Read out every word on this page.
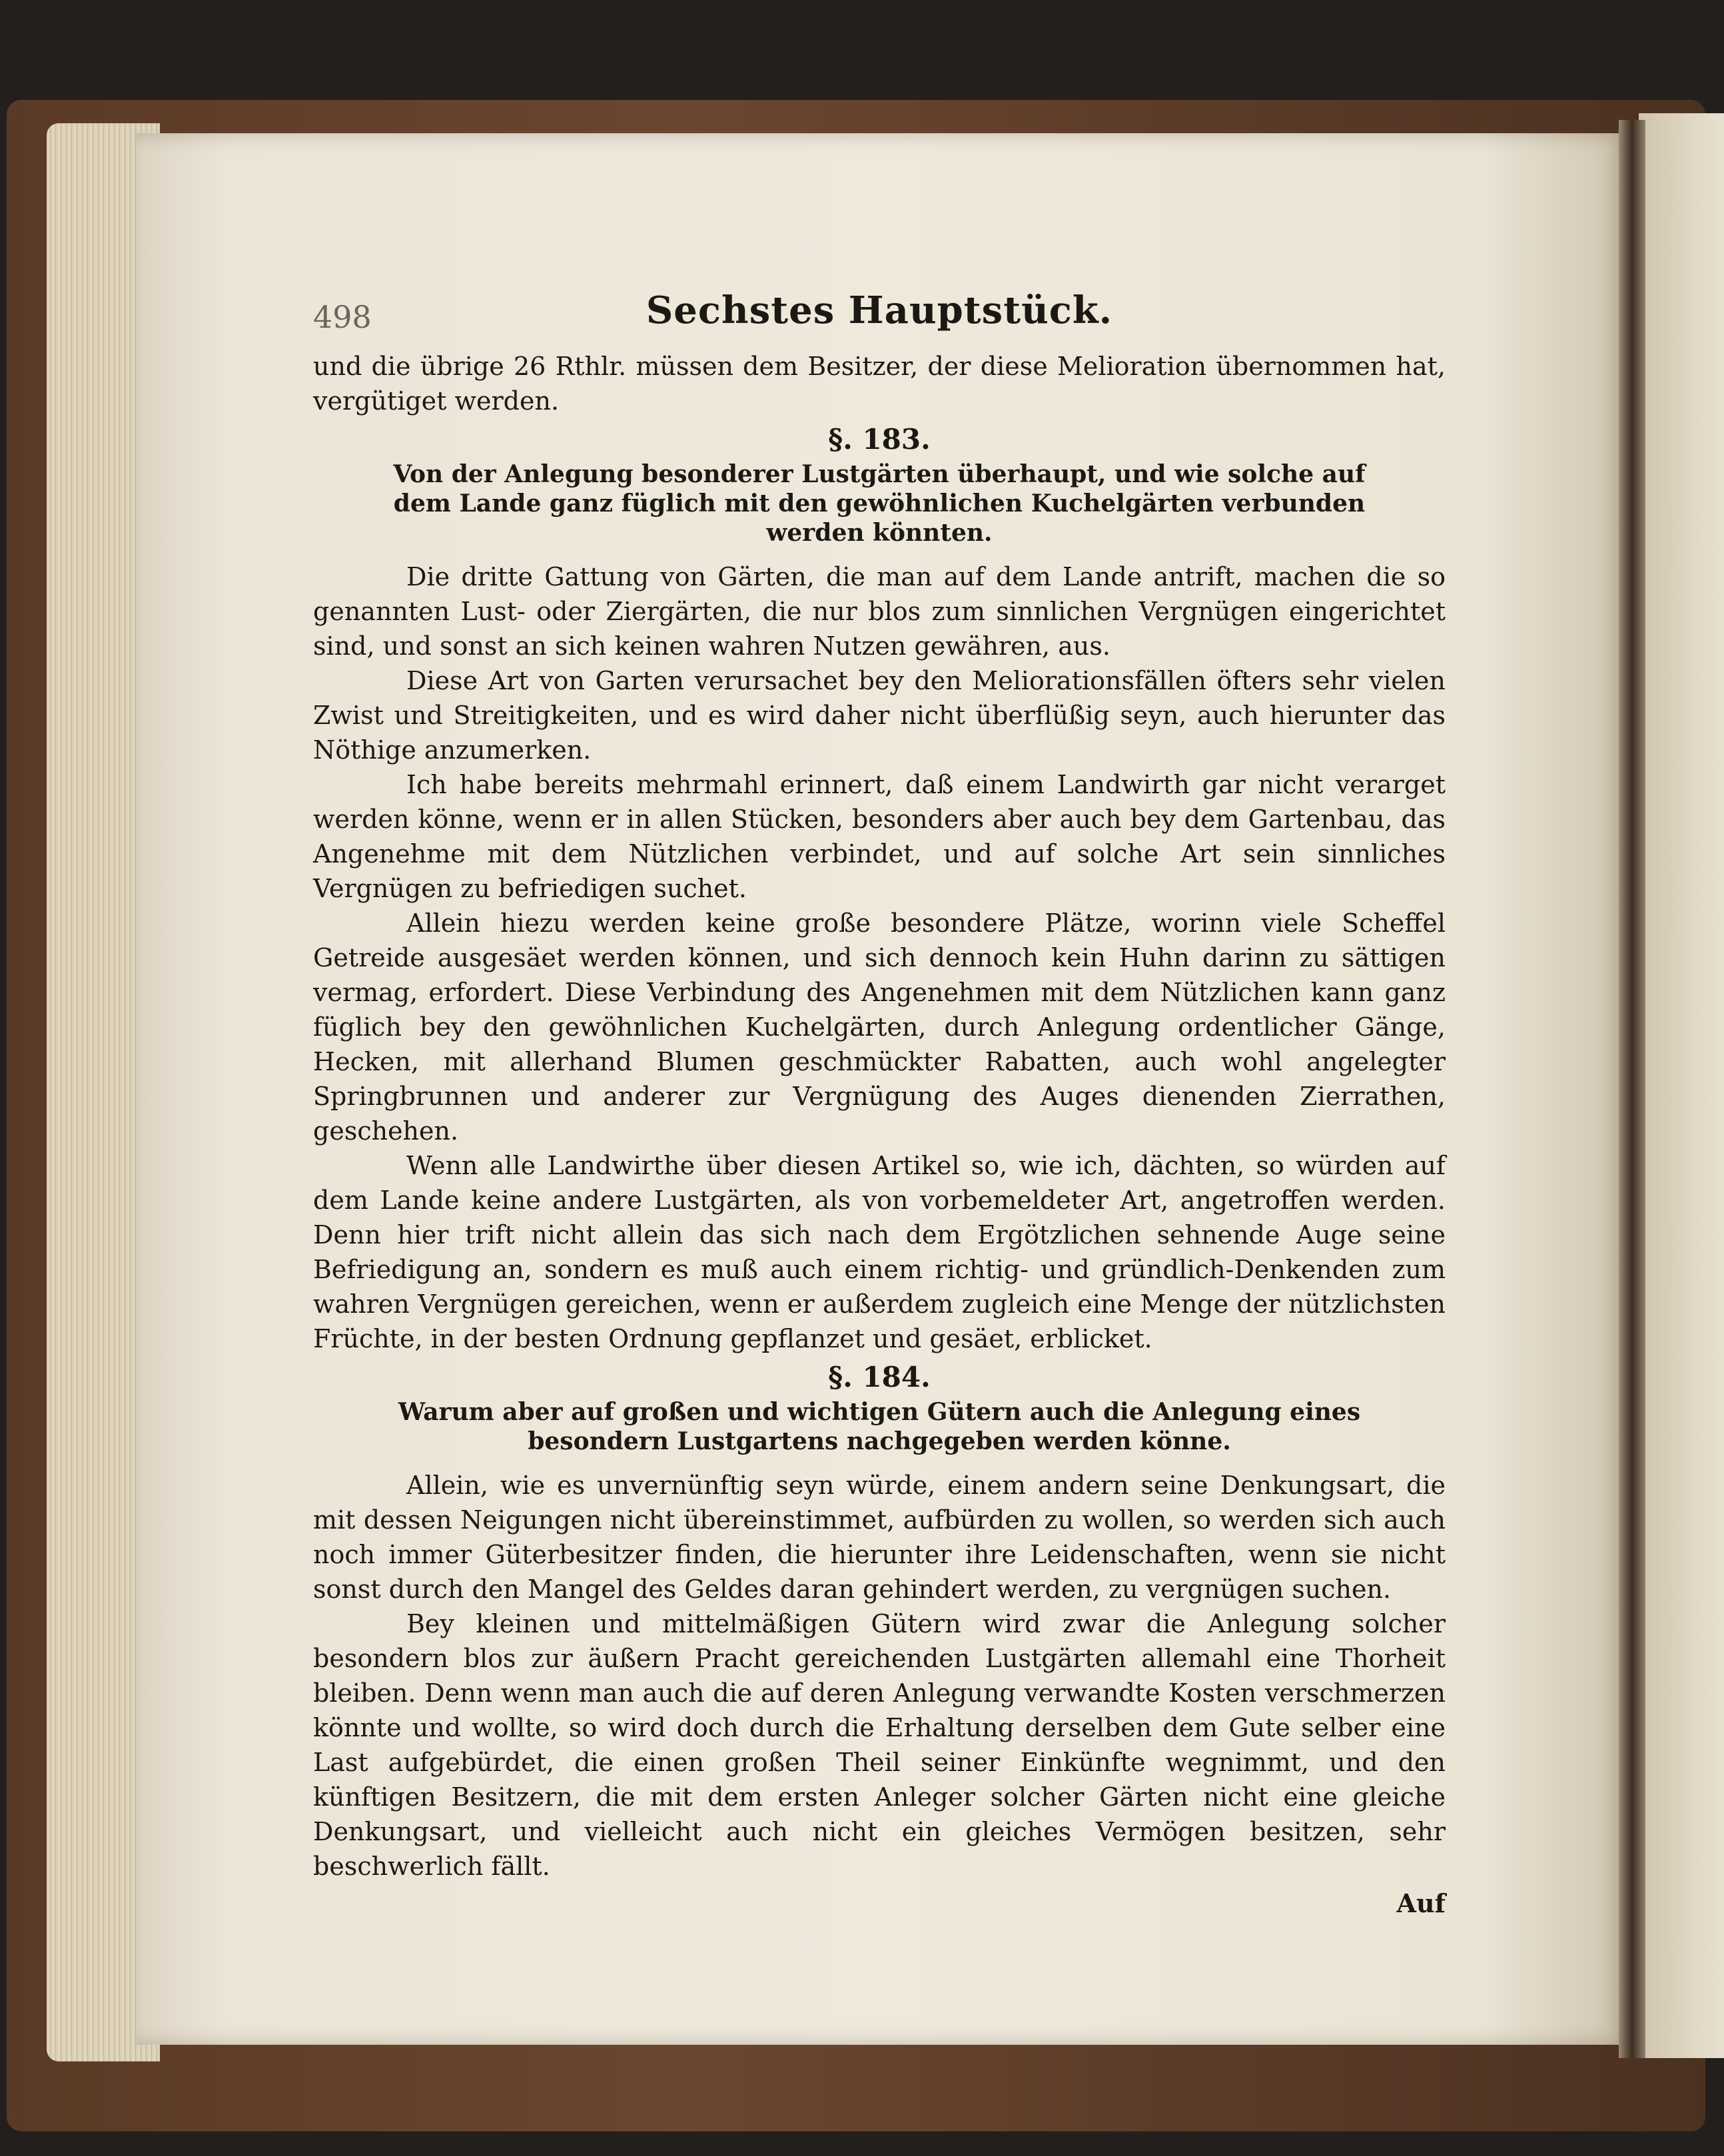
498	Sechstes Hauptstück.

und die übrige 26 Rthlr. müssen dem Besitzer, der diese Melioration übernommen hat, vergütiget werden.

§. 183.
Von der Anlegung besonderer Lustgärten überhaupt, und wie solche auf dem Lande ganz füglich mit den gewöhnlichen Kuchelgärten verbunden werden könnten.

Die dritte Gattung von Gärten, die man auf dem Lande antrift, machen die so genannten Lust- oder Ziergärten, die nur blos zum sinnlichen Vergnügen eingerichtet sind, und sonst an sich keinen wahren Nutzen gewähren, aus.

Diese Art von Garten verursachet bey den Meliorationsfällen öfters sehr vielen Zwist und Streitigkeiten, und es wird daher nicht überflüßig seyn, auch hierunter das Nöthige anzumerken.

Ich habe bereits mehrmahl erinnert, daß einem Landwirth gar nicht verarget werden könne, wenn er in allen Stücken, besonders aber auch bey dem Gartenbau, das Angenehme mit dem Nützlichen verbindet, und auf solche Art sein sinnliches Vergnügen zu befriedigen suchet.

Allein hiezu werden keine große besondere Plätze, worinn viele Scheffel Getreide ausgesäet werden können, und sich dennoch kein Huhn darinn zu sättigen vermag, erfordert. Diese Verbindung des Angenehmen mit dem Nützlichen kann ganz füglich bey den gewöhnlichen Kuchelgärten, durch Anlegung ordentlicher Gänge, Hecken, mit allerhand Blumen geschmückter Rabatten, auch wohl angelegter Springbrunnen und anderer zur Vergnügung des Auges dienenden Zierrathen, geschehen.

Wenn alle Landwirthe über diesen Artikel so, wie ich, dächten, so würden auf dem Lande keine andere Lustgärten, als von vorbemeldeter Art, angetroffen werden. Denn hier trift nicht allein das sich nach dem Ergötzlichen sehnende Auge seine Befriedigung an, sondern es muß auch einem richtig- und gründlich-Denkenden zum wahren Vergnügen gereichen, wenn er außerdem zugleich eine Menge der nützlichsten Früchte, in der besten Ordnung gepflanzet und gesäet, erblicket.

§. 184.
Warum aber auf großen und wichtigen Gütern auch die Anlegung eines besondern Lustgartens nachgegeben werden könne.

Allein, wie es unvernünftig seyn würde, einem andern seine Denkungsart, die mit dessen Neigungen nicht übereinstimmet, aufbürden zu wollen, so werden sich auch noch immer Güterbesitzer finden, die hierunter ihre Leidenschaften, wenn sie nicht sonst durch den Mangel des Geldes daran gehindert werden, zu vergnügen suchen.

Bey kleinen und mittelmäßigen Gütern wird zwar die Anlegung solcher besondern blos zur äußern Pracht gereichenden Lustgärten allemahl eine Thorheit bleiben. Denn wenn man auch die auf deren Anlegung verwandte Kosten verschmerzen könnte und wollte, so wird doch durch die Erhaltung derselben dem Gute selber eine Last aufgebürdet, die einen großen Theil seiner Einkünfte wegnimmt, und den künftigen Besitzern, die mit dem ersten Anleger solcher Gärten nicht eine gleiche Denkungsart, und vielleicht auch nicht ein gleiches Vermögen besitzen, sehr beschwerlich fällt.

Auf
